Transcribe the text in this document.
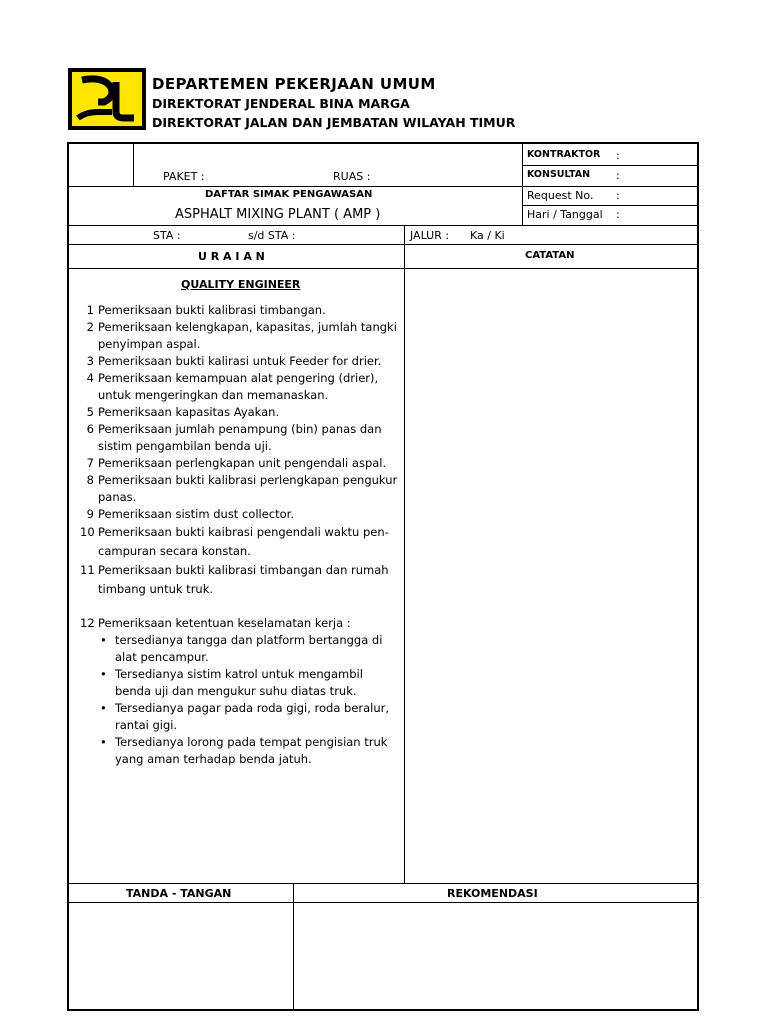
DEPARTEMEN PEKERJAAN UMUM
DIREKTORAT JENDERAL BINA MARGA
DIREKTORAT JALAN DAN JEMBATAN WILAYAH TIMUR
PAKET :	RUAS :
DAFTAR SIMAK PENGAWASAN
ASPHALT MIXING PLANT ( AMP )
KONTRAKTOR :
KONSULTAN :
Request No. :
Hari / Tanggal :
STA :	s/d STA :	JALUR : Ka / Ki
U R A I A N	CATATAN
QUALITY ENGINEER
1 Pemeriksaan bukti kalibrasi timbangan.
2 Pemeriksaan kelengkapan, kapasitas, jumlah tangki penyimpan aspal.
3 Pemeriksaan bukti kalirasi untuk Feeder for drier.
4 Pemeriksaan kemampuan alat pengering (drier), untuk mengeringkan dan memanaskan.
5 Pemeriksaan kapasitas Ayakan.
6 Pemeriksaan jumlah penampung (bin) panas dan sistim pengambilan benda uji.
7 Pemeriksaan perlengkapan unit pengendali aspal.
8 Pemeriksaan bukti kalibrasi perlengkapan pengukur panas.
9 Pemeriksaan sistim dust collector.
10 Pemeriksaan bukti kaibrasi pengendali waktu pen-campuran secara konstan.
11 Pemeriksaan bukti kalibrasi timbangan dan rumah timbang untuk truk.
12 Pemeriksaan ketentuan keselamatan kerja :
• tersedianya tangga dan platform bertangga di alat pencampur.
• Tersedianya sistim katrol untuk mengambil benda uji dan mengukur suhu diatas truk.
• Tersedianya pagar pada roda gigi, roda beralur, rantai gigi.
• Tersedianya lorong pada tempat pengisian truk yang aman terhadap benda jatuh.
TANDA - TANGAN	REKOMENDASI
